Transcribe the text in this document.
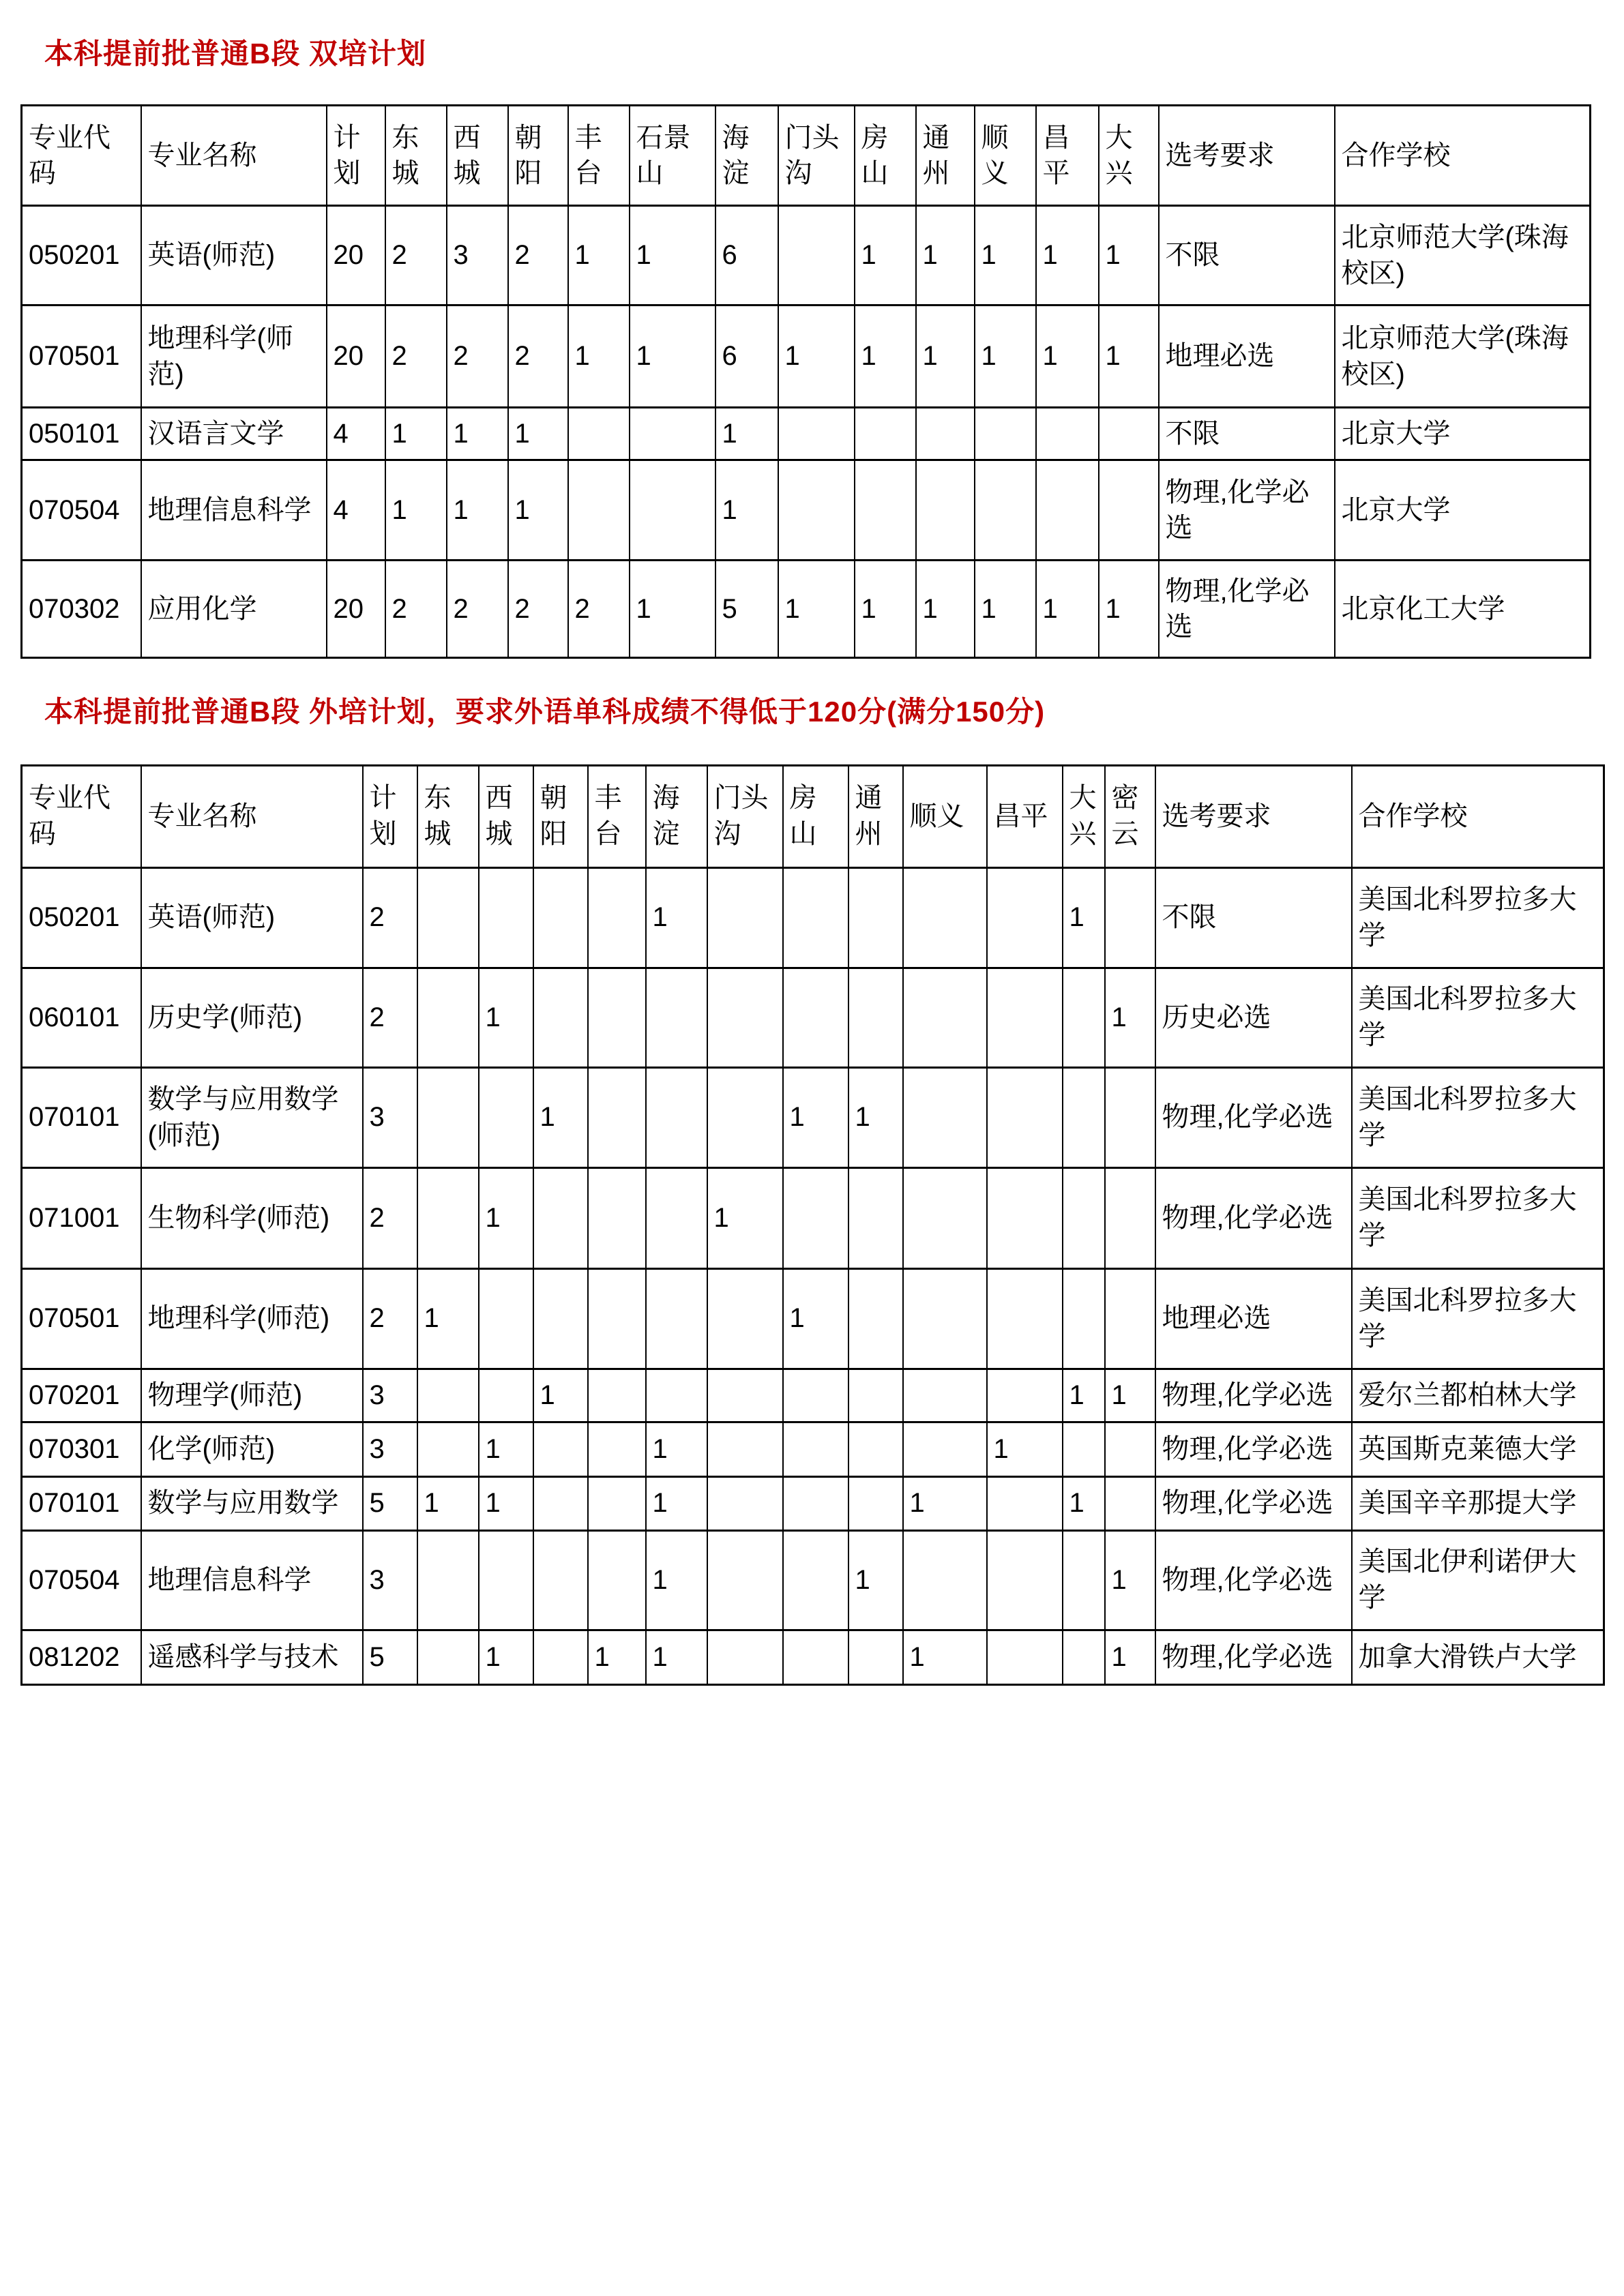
本科提前批普通B段 双培计划
专业代码	专业名称	计划	东城	西城	朝阳	丰台	石景山	海淀	门头沟	房山	通州	顺义	昌平	大兴	选考要求	合作学校
050201	英语(师范)	20	2	3	2	1	1	6		1	1	1	1	1	不限	北京师范大学(珠海校区)
070501	地理科学(师范)	20	2	2	2	1	1	6	1	1	1	1	1	1	地理必选	北京师范大学(珠海校区)
050101	汉语言文学	4	1	1	1			1							不限	北京大学
070504	地理信息科学	4	1	1	1			1							物理,化学必选	北京大学
070302	应用化学	20	2	2	2	2	1	5	1	1	1	1	1	1	物理,化学必选	北京化工大学
本科提前批普通B段 外培计划，要求外语单科成绩不得低于120分(满分150分)
专业代码	专业名称	计划	东城	西城	朝阳	丰台	海淀	门头沟	房山	通州	顺义	昌平	大兴	密云	选考要求	合作学校
050201	英语(师范)	2					1						1		不限	美国北科罗拉多大学
060101	历史学(师范)	2		1										1	历史必选	美国北科罗拉多大学
070101	数学与应用数学(师范)	3			1				1	1					物理,化学必选	美国北科罗拉多大学
071001	生物科学(师范)	2		1				1							物理,化学必选	美国北科罗拉多大学
070501	地理科学(师范)	2	1						1						地理必选	美国北科罗拉多大学
070201	物理学(师范)	3			1								1	1	物理,化学必选	爱尔兰都柏林大学
070301	化学(师范)	3		1			1					1			物理,化学必选	英国斯克莱德大学
070101	数学与应用数学	5	1	1			1				1		1		物理,化学必选	美国辛辛那提大学
070504	地理信息科学	3					1			1				1	物理,化学必选	美国北伊利诺伊大学
081202	遥感科学与技术	5		1		1	1				1			1	物理,化学必选	加拿大滑铁卢大学
